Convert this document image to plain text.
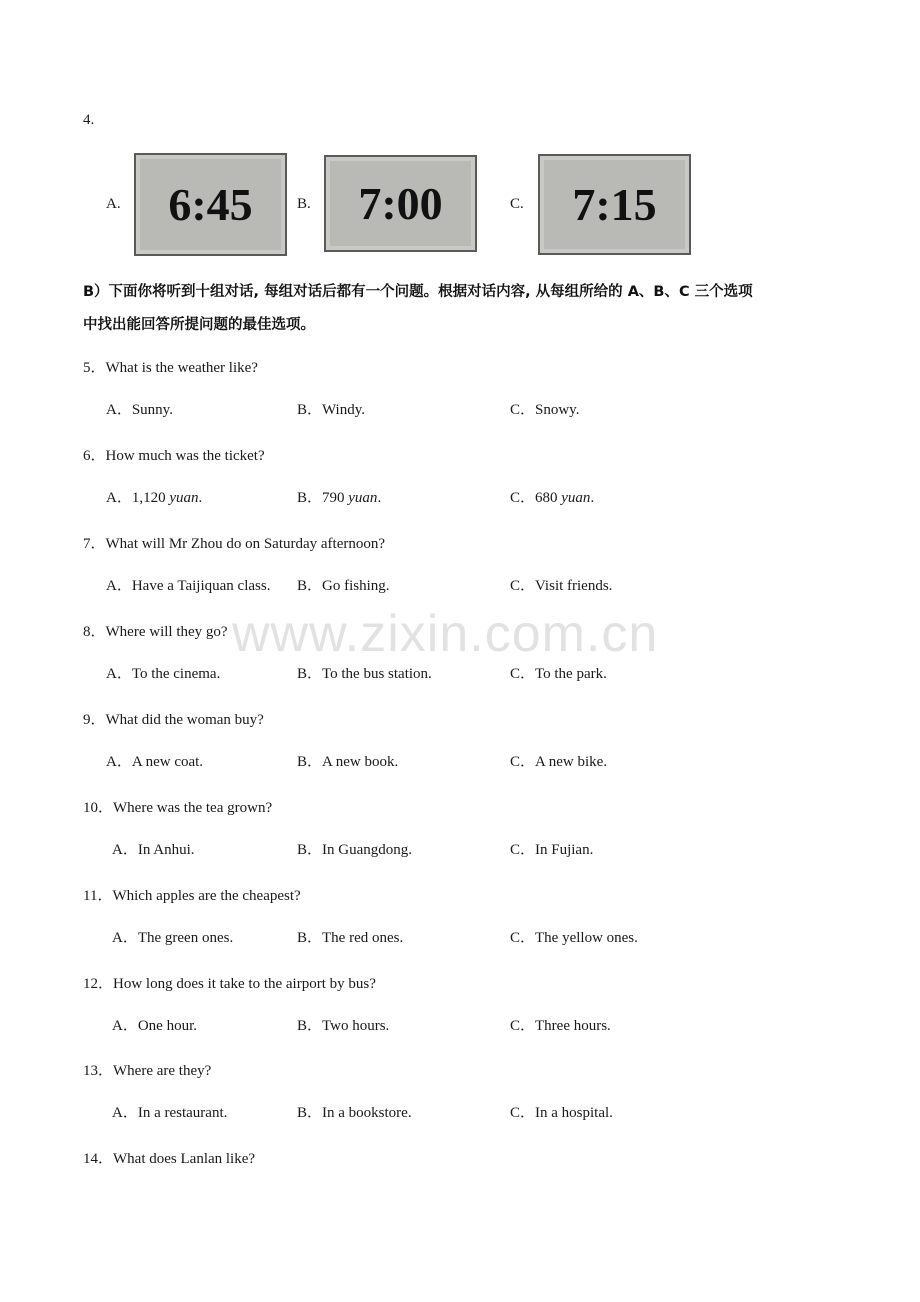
4.
A. 6:45	B. 7:00	C. 7:15
B）下面你将听到十组对话, 每组对话后都有一个问题。根据对话内容, 从每组所给的 A、B、C 三个选项
中找出能回答所提问题的最佳选项。
5．What is the weather like?
A．Sunny.	B．Windy.	C．Snowy.
6．How much was the ticket?
A．1,120 yuan.	B．790 yuan.	C．680 yuan.
7．What will Mr Zhou do on Saturday afternoon?
A．Have a Taijiquan class. B．Go fishing.	C．Visit friends.
8．Where will they go?
A．To the cinema.	B．To the bus station.	C．To the park.
9．What did the woman buy?
A．A new coat.	B．A new book.	C．A new bike.
10．Where was the tea grown?
A．In Anhui.	B．In Guangdong.	C．In Fujian.
11．Which apples are the cheapest?
A．The green ones.	B．The red ones.	C．The yellow ones.
12．How long does it take to the airport by bus?
A．One hour.	B．Two hours.	C．Three hours.
13．Where are they?
A．In a restaurant.	B．In a bookstore.	C．In a hospital.
14．What does Lanlan like?
www.zixin.com.cn
